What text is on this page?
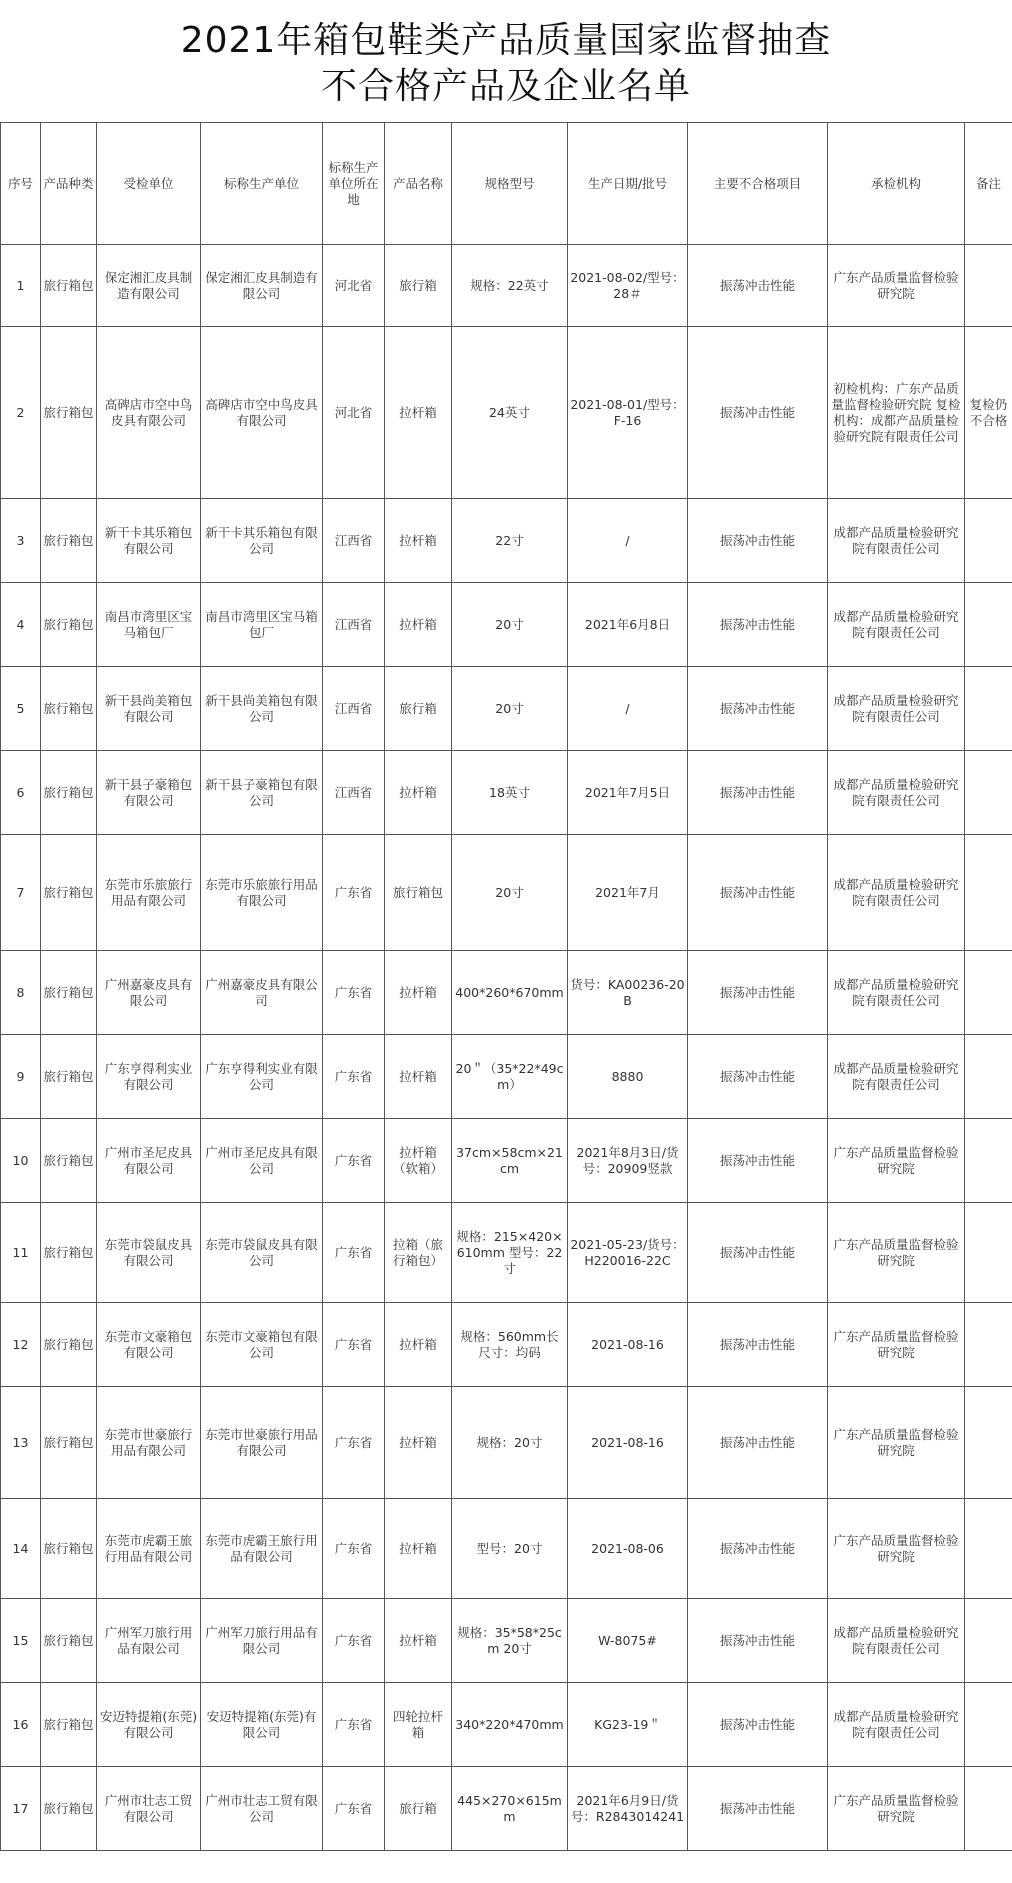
2021年箱包鞋类产品质量国家监督抽查
不合格产品及企业名单
序号	产品种类	受检单位	标称生产单位	标称生产单位所在地	产品名称	规格型号	生产日期/批号	主要不合格项目	承检机构	备注
1	旅行箱包	保定湘汇皮具制造有限公司	保定湘汇皮具制造有限公司	河北省	旅行箱	规格：22英寸	2021-08-02/型号：28＃	振荡冲击性能	广东产品质量监督检验研究院	
2	旅行箱包	高碑店市空中鸟皮具有限公司	高碑店市空中鸟皮具有限公司	河北省	拉杆箱	24英寸	2021-08-01/型号：F-16	振荡冲击性能	初检机构：广东产品质量监督检验研究院 复检机构：成都产品质量检验研究院有限责任公司	复检仍不合格
3	旅行箱包	新干卡其乐箱包有限公司	新干卡其乐箱包有限公司	江西省	拉杆箱	22寸	/	振荡冲击性能	成都产品质量检验研究院有限责任公司	
4	旅行箱包	南昌市湾里区宝马箱包厂	南昌市湾里区宝马箱包厂	江西省	拉杆箱	20寸	2021年6月8日	振荡冲击性能	成都产品质量检验研究院有限责任公司	
5	旅行箱包	新干县尚美箱包有限公司	新干县尚美箱包有限公司	江西省	旅行箱	20寸	/	振荡冲击性能	成都产品质量检验研究院有限责任公司	
6	旅行箱包	新干县子豪箱包有限公司	新干县子豪箱包有限公司	江西省	拉杆箱	18英寸	2021年7月5日	振荡冲击性能	成都产品质量检验研究院有限责任公司	
7	旅行箱包	东莞市乐旅旅行用品有限公司	东莞市乐旅旅行用品有限公司	广东省	旅行箱包	20寸	2021年7月	振荡冲击性能	成都产品质量检验研究院有限责任公司	
8	旅行箱包	广州嘉豪皮具有限公司	广州嘉豪皮具有限公司	广东省	拉杆箱	400*260*670mm	货号：KA00236-20B	振荡冲击性能	成都产品质量检验研究院有限责任公司	
9	旅行箱包	广东亨得利实业有限公司	广东亨得利实业有限公司	广东省	拉杆箱	20＂（35*22*49cm）	8880	振荡冲击性能	成都产品质量检验研究院有限责任公司	
10	旅行箱包	广州市圣尼皮具有限公司	广州市圣尼皮具有限公司	广东省	拉杆箱（软箱）	37cm×58cm×21cm	2021年8月3日/货号：20909竖款	振荡冲击性能	广东产品质量监督检验研究院	
11	旅行箱包	东莞市袋鼠皮具有限公司	东莞市袋鼠皮具有限公司	广东省	拉箱（旅行箱包）	规格：215×420×610mm 型号：22寸	2021-05-23/货号：H220016-22C	振荡冲击性能	广东产品质量监督检验研究院	
12	旅行箱包	东莞市文豪箱包有限公司	东莞市文豪箱包有限公司	广东省	拉杆箱	规格：560mm长 尺寸：均码	2021-08-16	振荡冲击性能	广东产品质量监督检验研究院	
13	旅行箱包	东莞市世豪旅行用品有限公司	东莞市世豪旅行用品有限公司	广东省	拉杆箱	规格：20寸	2021-08-16	振荡冲击性能	广东产品质量监督检验研究院	
14	旅行箱包	东莞市虎霸王旅行用品有限公司	东莞市虎霸王旅行用品有限公司	广东省	拉杆箱	型号：20寸	2021-08-06	振荡冲击性能	广东产品质量监督检验研究院	
15	旅行箱包	广州军刀旅行用品有限公司	广州军刀旅行用品有限公司	广东省	拉杆箱	规格：35*58*25cm 20寸	W-8075#	振荡冲击性能	成都产品质量检验研究院有限责任公司	
16	旅行箱包	安迈特提箱(东莞)有限公司	安迈特提箱(东莞)有限公司	广东省	四轮拉杆箱	340*220*470mm	KG23-19＂	振荡冲击性能	成都产品质量检验研究院有限责任公司	
17	旅行箱包	广州市壮志工贸有限公司	广州市壮志工贸有限公司	广东省	旅行箱	445×270×615mm	2021年6月9日/货号：R2843014241	振荡冲击性能	广东产品质量监督检验研究院	
